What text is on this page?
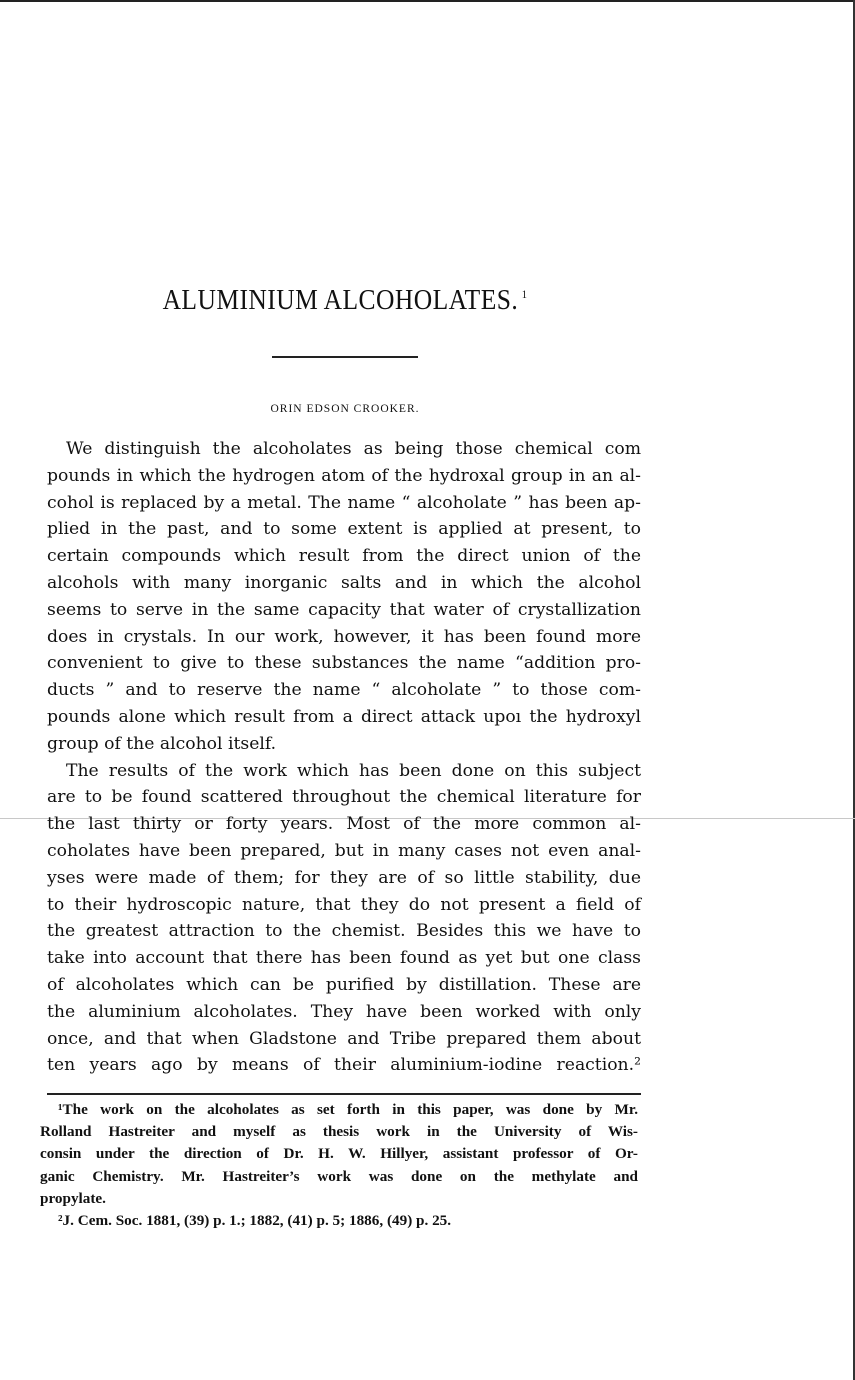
ALUMINIUM ALCOHOLATES. $^1$
ORIN EDSON CROOKER.
We distinguish the alcoholates as being those chemical com
pounds in which the hydrogen atom of the hydroxal group in an al-
cohol is replaced by a metal. The name “ alcoholate ” has been ap-
plied in the past, and to some extent is applied at present, to
certain compounds which result from the direct union of the
alcohols with many inorganic salts and in which the alcohol
seems to serve in the same capacity that water of crystallization
does in crystals. In our work, however, it has been found more
convenient to give to these substances the name “addition pro-
ducts ” and to reserve the name “ alcoholate ” to those com-
pounds alone which result from a direct attack upoı the hydroxyl
group of the alcohol itself.
The results of the work which has been done on this subject
are to be found scattered throughout the chemical literature for
the last thirty or forty years. Most of the more common al-
coholates have been prepared, but in many cases not even anal-
yses were made of them; for they are of so little stability, due
to their hydroscopic nature, that they do not present a field of
the greatest attraction to the chemist. Besides this we have to
take into account that there has been found as yet but one class
of alcoholates which can be purified by distillation. These are
the aluminium alcoholates. They have been worked with only
once, and that when Gladstone and Tribe prepared them about
ten years ago by means of their aluminium-iodine reaction.²
¹The work on the alcoholates as set forth in this paper, was done by Mr.
Rolland Hastreiter and myself as thesis work in the University of Wis-
consin under the direction of Dr. H. W. Hillyer, assistant professor of Or-
ganic Chemistry. Mr. Hastreiter’s work was done on the methylate and
propylate.
²J. Cem. Soc. 1881, (39) p. 1.; 1882, (41) p. 5; 1886, (49) p. 25.
